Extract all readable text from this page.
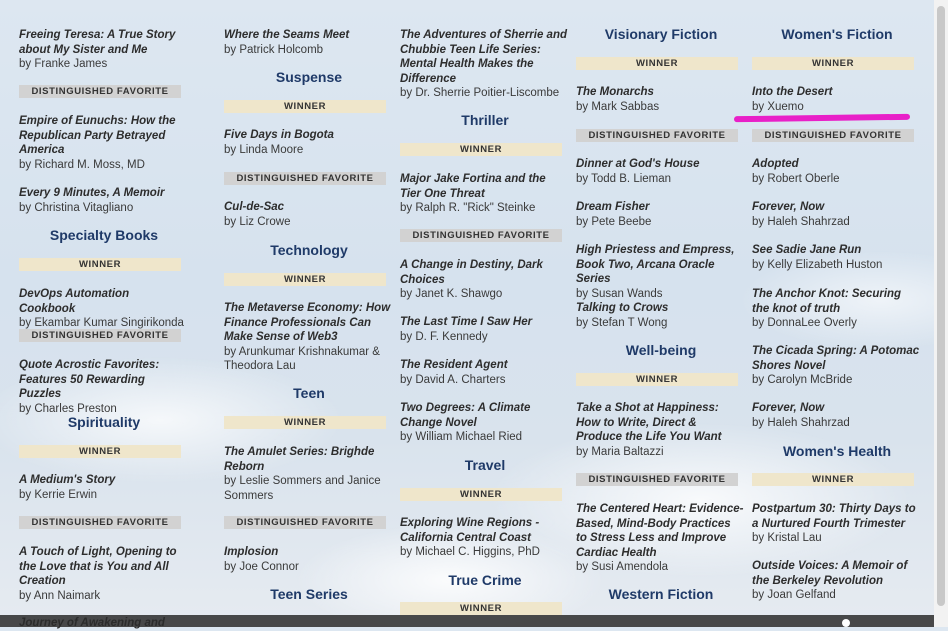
Freeing Teresa: A True Story about My Sister and Me
by Franke James
DISTINGUISHED FAVORITE
Empire of Eunuchs: How the Republican Party Betrayed America
by Richard M. Moss, MD
Every 9 Minutes, A Memoir
by Christina Vitagliano
Specialty Books
WINNER
DevOps Automation Cookbook
by Ekambar Kumar Singirikonda
DISTINGUISHED FAVORITE
Quote Acrostic Favorites: Features 50 Rewarding Puzzles
by Charles Preston
Spirituality
WINNER
A Medium's Story
by Kerrie Erwin
DISTINGUISHED FAVORITE
A Touch of Light, Opening to the Love that is You and All Creation
by Ann Naimark
Where the Seams Meet
by Patrick Holcomb
Suspense
WINNER
Five Days in Bogota
by Linda Moore
DISTINGUISHED FAVORITE
Cul-de-Sac
by Liz Crowe
Technology
WINNER
The Metaverse Economy: How Finance Professionals Can Make Sense of Web3
by Arunkumar Krishnakumar & Theodora Lau
Teen
WINNER
The Amulet Series: Brighde Reborn
by Leslie Sommers and Janice Sommers
DISTINGUISHED FAVORITE
Implosion
by Joe Connor
Teen Series
The Adventures of Sherrie and Chubbie Teen Life Series: Mental Health Makes the Difference
by Dr. Sherrie Poitier-Liscombe
Thriller
WINNER
Major Jake Fortina and the Tier One Threat
by Ralph R. "Rick" Steinke
DISTINGUISHED FAVORITE
A Change in Destiny, Dark Choices
by Janet K. Shawgo
The Last Time I Saw Her
by D. F. Kennedy
The Resident Agent
by David A. Charters
Two Degrees: A Climate Change Novel
by William Michael Ried
Travel
WINNER
Exploring Wine Regions - California Central Coast
by Michael C. Higgins, PhD
True Crime
WINNER
Visionary Fiction
WINNER
The Monarchs
by Mark Sabbas
DISTINGUISHED FAVORITE
Dinner at God's House
by Todd B. Lieman
Dream Fisher
by Pete Beebe
High Priestess and Empress, Book Two, Arcana Oracle Series
by Susan Wands
Talking to Crows
by Stefan T Wong
Well-being
WINNER
Take a Shot at Happiness: How to Write, Direct & Produce the Life You Want
by Maria Baltazzi
DISTINGUISHED FAVORITE
The Centered Heart: Evidence-Based, Mind-Body Practices to Stress Less and Improve Cardiac Health
by Susi Amendola
Western Fiction
Women's Fiction
WINNER
Into the Desert
by Xuemo
DISTINGUISHED FAVORITE
Adopted
by Robert Oberle
Forever, Now
by Haleh Shahrzad
See Sadie Jane Run
by Kelly Elizabeth Huston
The Anchor Knot: Securing the knot of truth
by DonnaLee Overly
The Cicada Spring: A Potomac Shores Novel
by Carolyn McBride
Forever, Now
by Haleh Shahrzad
Women's Health
WINNER
Postpartum 30: Thirty Days to a Nurtured Fourth Trimester
by Kristal Lau
Outside Voices: A Memoir of the Berkeley Revolution
by Joan Gelfand
